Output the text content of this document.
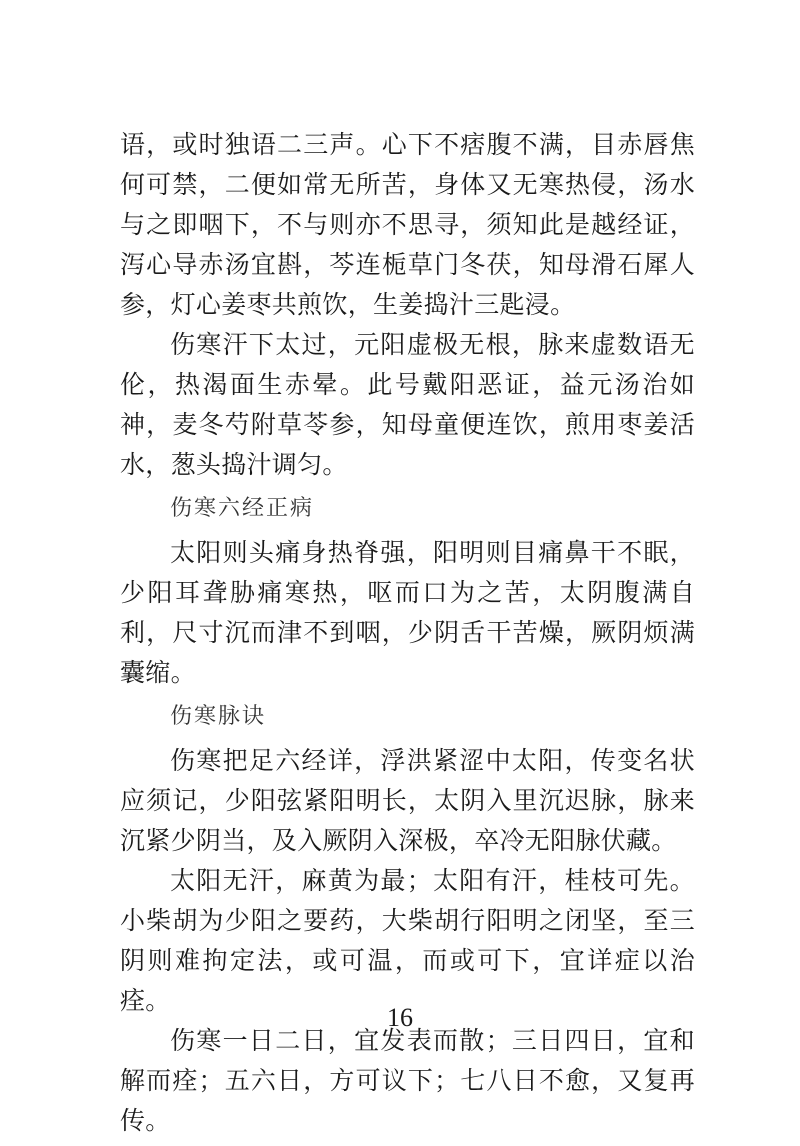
语，或时独语二三声。心下不痞腹不满，目赤唇焦何可禁，二便如常无所苦，身体又无寒热侵，汤水与之即咽下，不与则亦不思寻，须知此是越经证，泻心导赤汤宜斟，芩连栀草门冬茯，知母滑石犀人参，灯心姜枣共煎饮，生姜捣汁三匙浸。

伤寒汗下太过，元阳虚极无根，脉来虚数语无伦，热渴面生赤晕。此号戴阳恶证，益元汤治如神，麦冬芍附草苓参，知母童便连饮，煎用枣姜活水，葱头捣汁调匀。

伤寒六经正病

太阳则头痛身热脊强，阳明则目痛鼻干不眠，少阳耳聋胁痛寒热，呕而口为之苦，太阴腹满自利，尺寸沉而津不到咽，少阴舌干苦燥，厥阴烦满囊缩。

伤寒脉诀

伤寒把足六经详，浮洪紧涩中太阳，传变名状应须记，少阳弦紧阳明长，太阴入里沉迟脉，脉来沉紧少阴当，及入厥阴入深极，卒冷无阳脉伏藏。

太阳无汗，麻黄为最；太阳有汗，桂枝可先。小柴胡为少阳之要药，大柴胡行阳明之闭坚，至三阴则难拘定法，或可温，而或可下，宜详症以治痊。

伤寒一日二日，宜发表而散；三日四日，宜和解而痊；五六日，方可议下；七八日不愈，又复再传。

16
